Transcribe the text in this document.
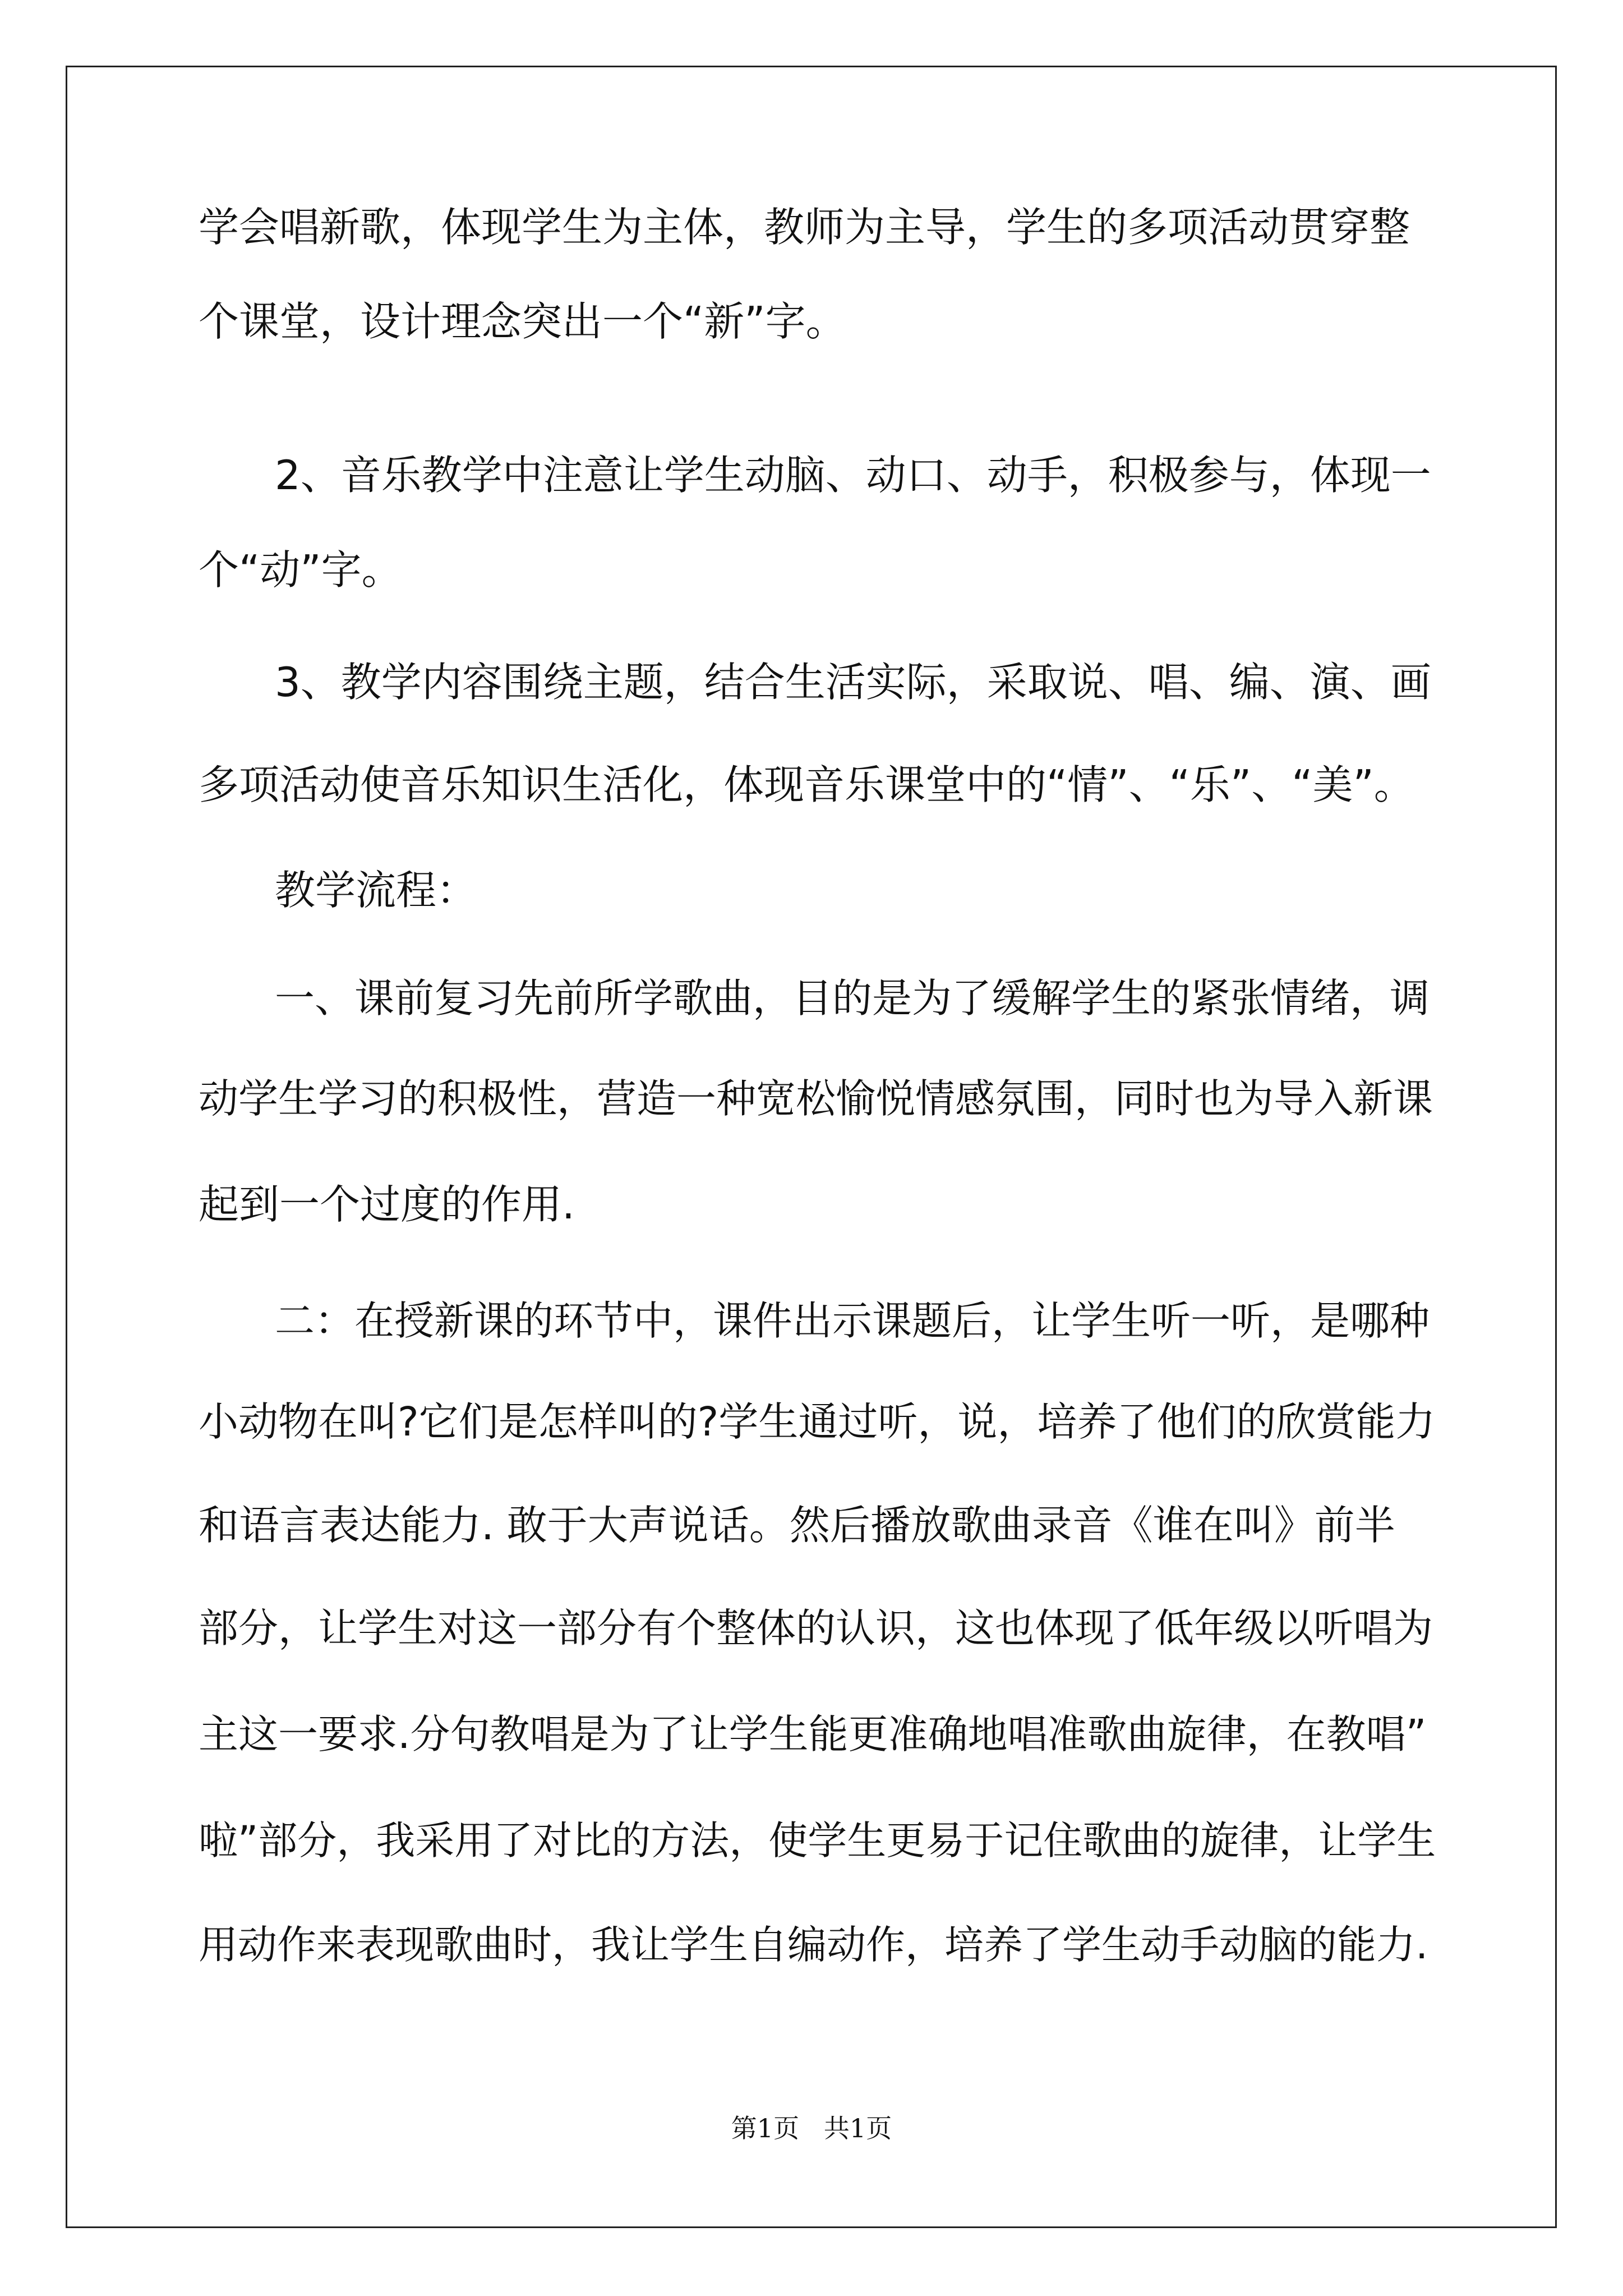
学会唱新歌，体现学生为主体，教师为主导，学生的多项活动贯穿整
个课堂，设计理念突出一个“新”字。
2、音乐教学中注意让学生动脑、动口、动手，积极参与，体现一
个“动”字。
3、教学内容围绕主题，结合生活实际，采取说、唱、编、演、画
多项活动使音乐知识生活化，体现音乐课堂中的“情”、“乐”、“美”。
教学流程：
一、课前复习先前所学歌曲，目的是为了缓解学生的紧张情绪，调
动学生学习的积极性，营造一种宽松愉悦情感氛围，同时也为导入新课
起到一个过度的作用.
二：在授新课的环节中，课件出示课题后，让学生听一听，是哪种
小动物在叫?它们是怎样叫的?学生通过听，说，培养了他们的欣赏能力
和语言表达能力. 敢于大声说话。然后播放歌曲录音《谁在叫》前半
部分，让学生对这一部分有个整体的认识，这也体现了低年级以听唱为
主这一要求.分句教唱是为了让学生能更准确地唱准歌曲旋律，在教唱”
啦”部分，我采用了对比的方法，使学生更易于记住歌曲的旋律，让学生
用动作来表现歌曲时，我让学生自编动作，培养了学生动手动脑的能力.
第1页   共1页
